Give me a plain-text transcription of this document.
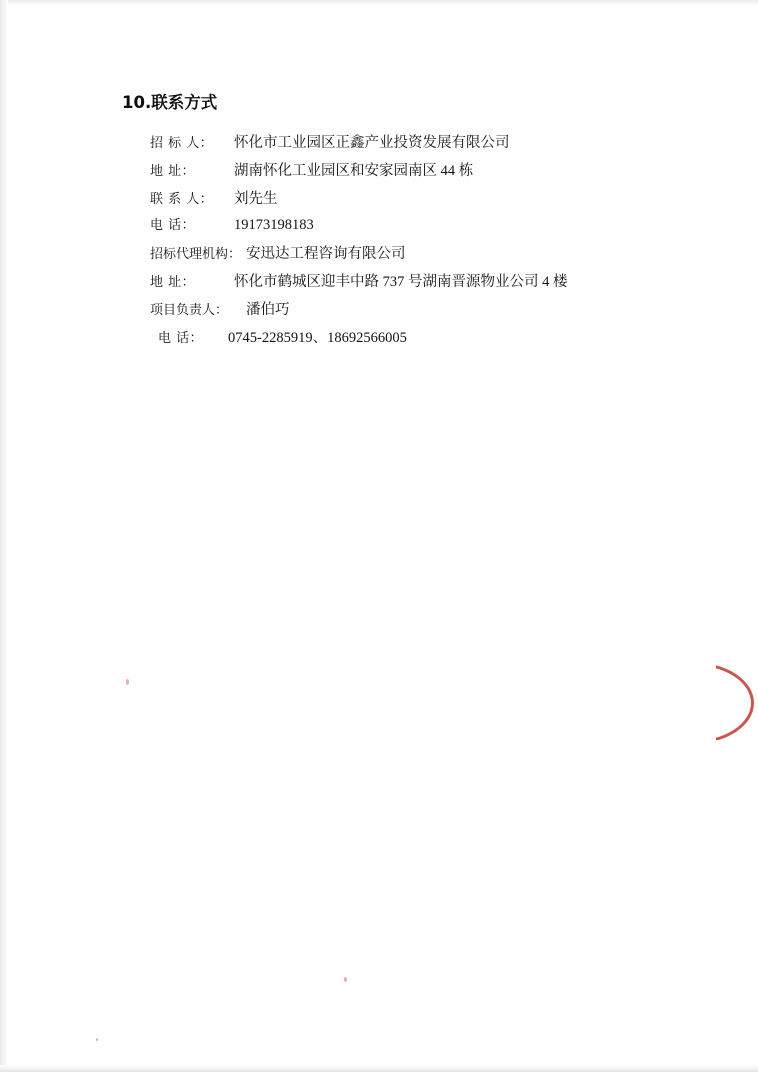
10.联系方式
招 标 人：	怀化市工业园区正鑫产业投资发展有限公司
地 址：	湖南怀化工业园区和安家园南区 44 栋
联 系 人：	刘先生
电 话：	19173198183
招标代理机构： 安迅达工程咨询有限公司
地 址：	怀化市鹤城区迎丰中路 737 号湖南晋源物业公司 4 楼
项目负责人：	潘伯巧
电 话：	0745-2285919、18692566005
